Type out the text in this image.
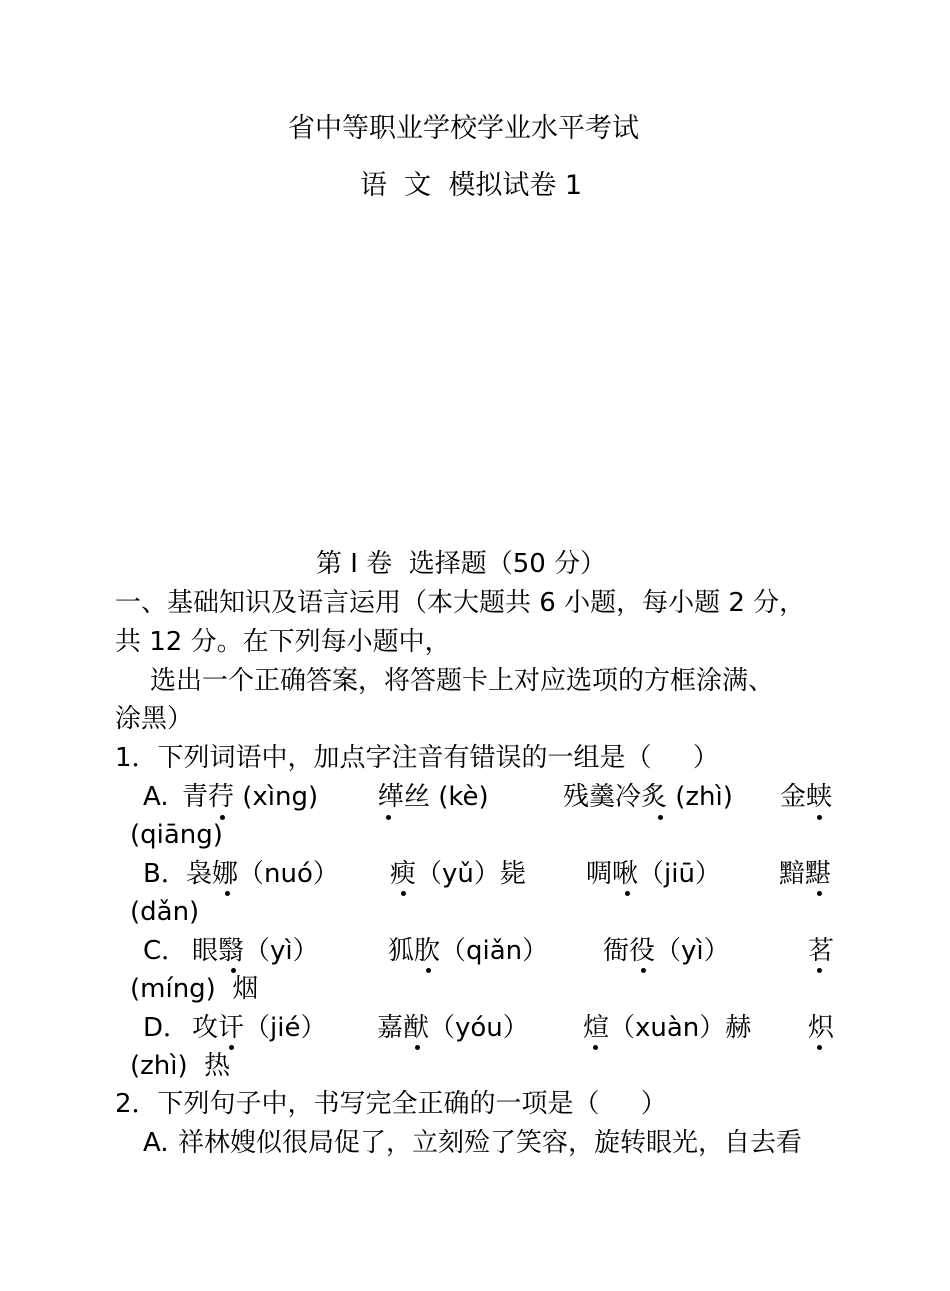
省中等职业学校学业水平考试
语  文  模拟试卷 1
第 I 卷  选择题（50 分）
一、基础知识及语言运用（本大题共 6 小题，每小题 2 分，
共 12 分。在下列每小题中，
选出一个正确答案，将答题卡上对应选项的方框涂满、
涂黑）
1．下列词语中，加点字注音有错误的一组是（     ）
A. 青荇 (xìng) 缂丝 (kè)	残羹冷炙 (zhì) 金蛱
(qiāng)
B． 袅娜（nuó） 瘐（yǔ）毙 啁啾（jiū） 黯黮
(dǎn)
C． 眼翳（yì）	狐肷（qiǎn） 衙役（yì）	茗
(míng)  烟
D． 攻讦（jié） 嘉猷（yóu） 煊（xuàn）赫 炽
(zhì)  热
2．下列句子中，书写完全正确的一项是（     ）
A. 祥林嫂似很局促了，立刻殓了笑容，旋转眼光，自去看
